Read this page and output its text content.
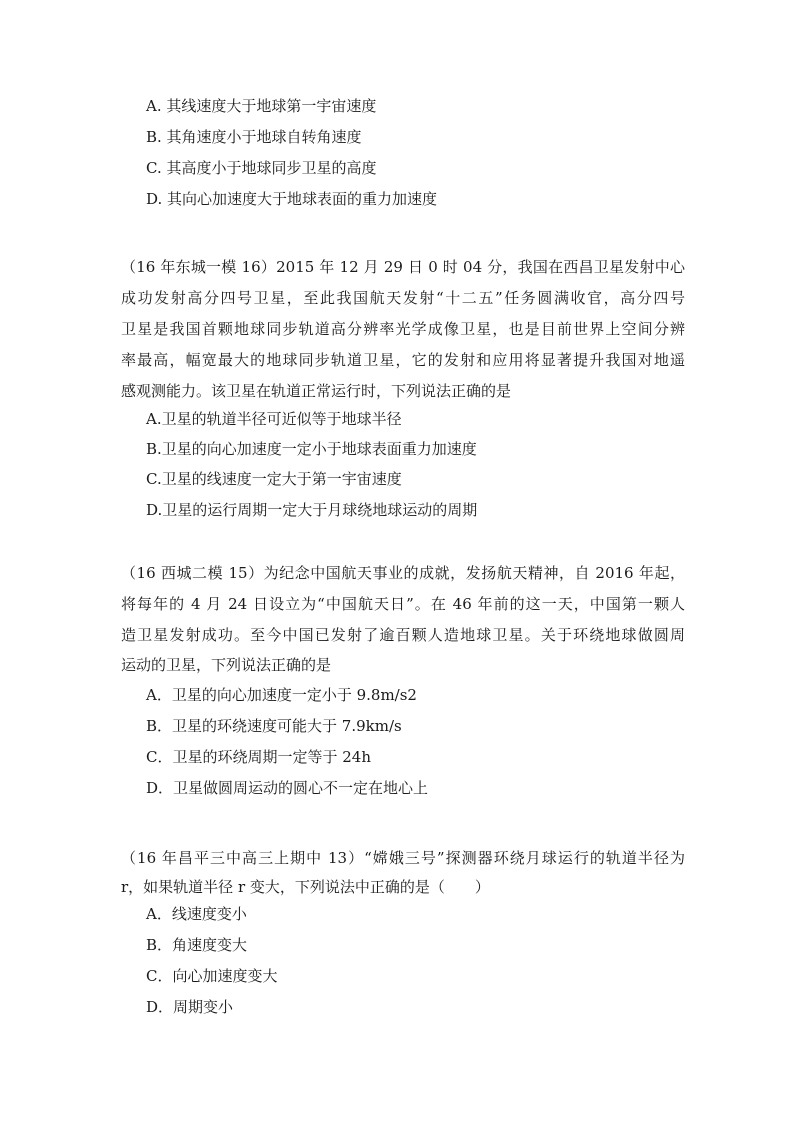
A. 其线速度大于地球第一宇宙速度
B. 其角速度小于地球自转角速度
C. 其高度小于地球同步卫星的高度
D. 其向心加速度大于地球表面的重力加速度
（16 年东城一模 16）2015 年 12 月 29 日 0 时 04 分，我国在西昌卫星发射中心
成功发射高分四号卫星，至此我国航天发射“十二五”任务圆满收官，高分四号
卫星是我国首颗地球同步轨道高分辨率光学成像卫星，也是目前世界上空间分辨
率最高，幅宽最大的地球同步轨道卫星，它的发射和应用将显著提升我国对地遥
感观测能力。该卫星在轨道正常运行时，下列说法正确的是
A.卫星的轨道半径可近似等于地球半径
B.卫星的向心加速度一定小于地球表面重力加速度
C.卫星的线速度一定大于第一宇宙速度
D.卫星的运行周期一定大于月球绕地球运动的周期
（16 西城二模 15）为纪念中国航天事业的成就，发扬航天精神，自 2016 年起，
将每年的 4 月 24 日设立为“中国航天日”。在 46 年前的这一天，中国第一颗人
造卫星发射成功。至今中国已发射了逾百颗人造地球卫星。关于环绕地球做圆周
运动的卫星，下列说法正确的是
A．卫星的向心加速度一定小于 9.8m/s2
B．卫星的环绕速度可能大于 7.9km/s
C．卫星的环绕周期一定等于 24h
D．卫星做圆周运动的圆心不一定在地心上
（16 年昌平三中高三上期中 13）“嫦娥三号”探测器环绕月球运行的轨道半径为
r，如果轨道半径 r 变大，下列说法中正确的是（　　）
A．线速度变小
B．角速度变大
C．向心加速度变大
D．周期变小
